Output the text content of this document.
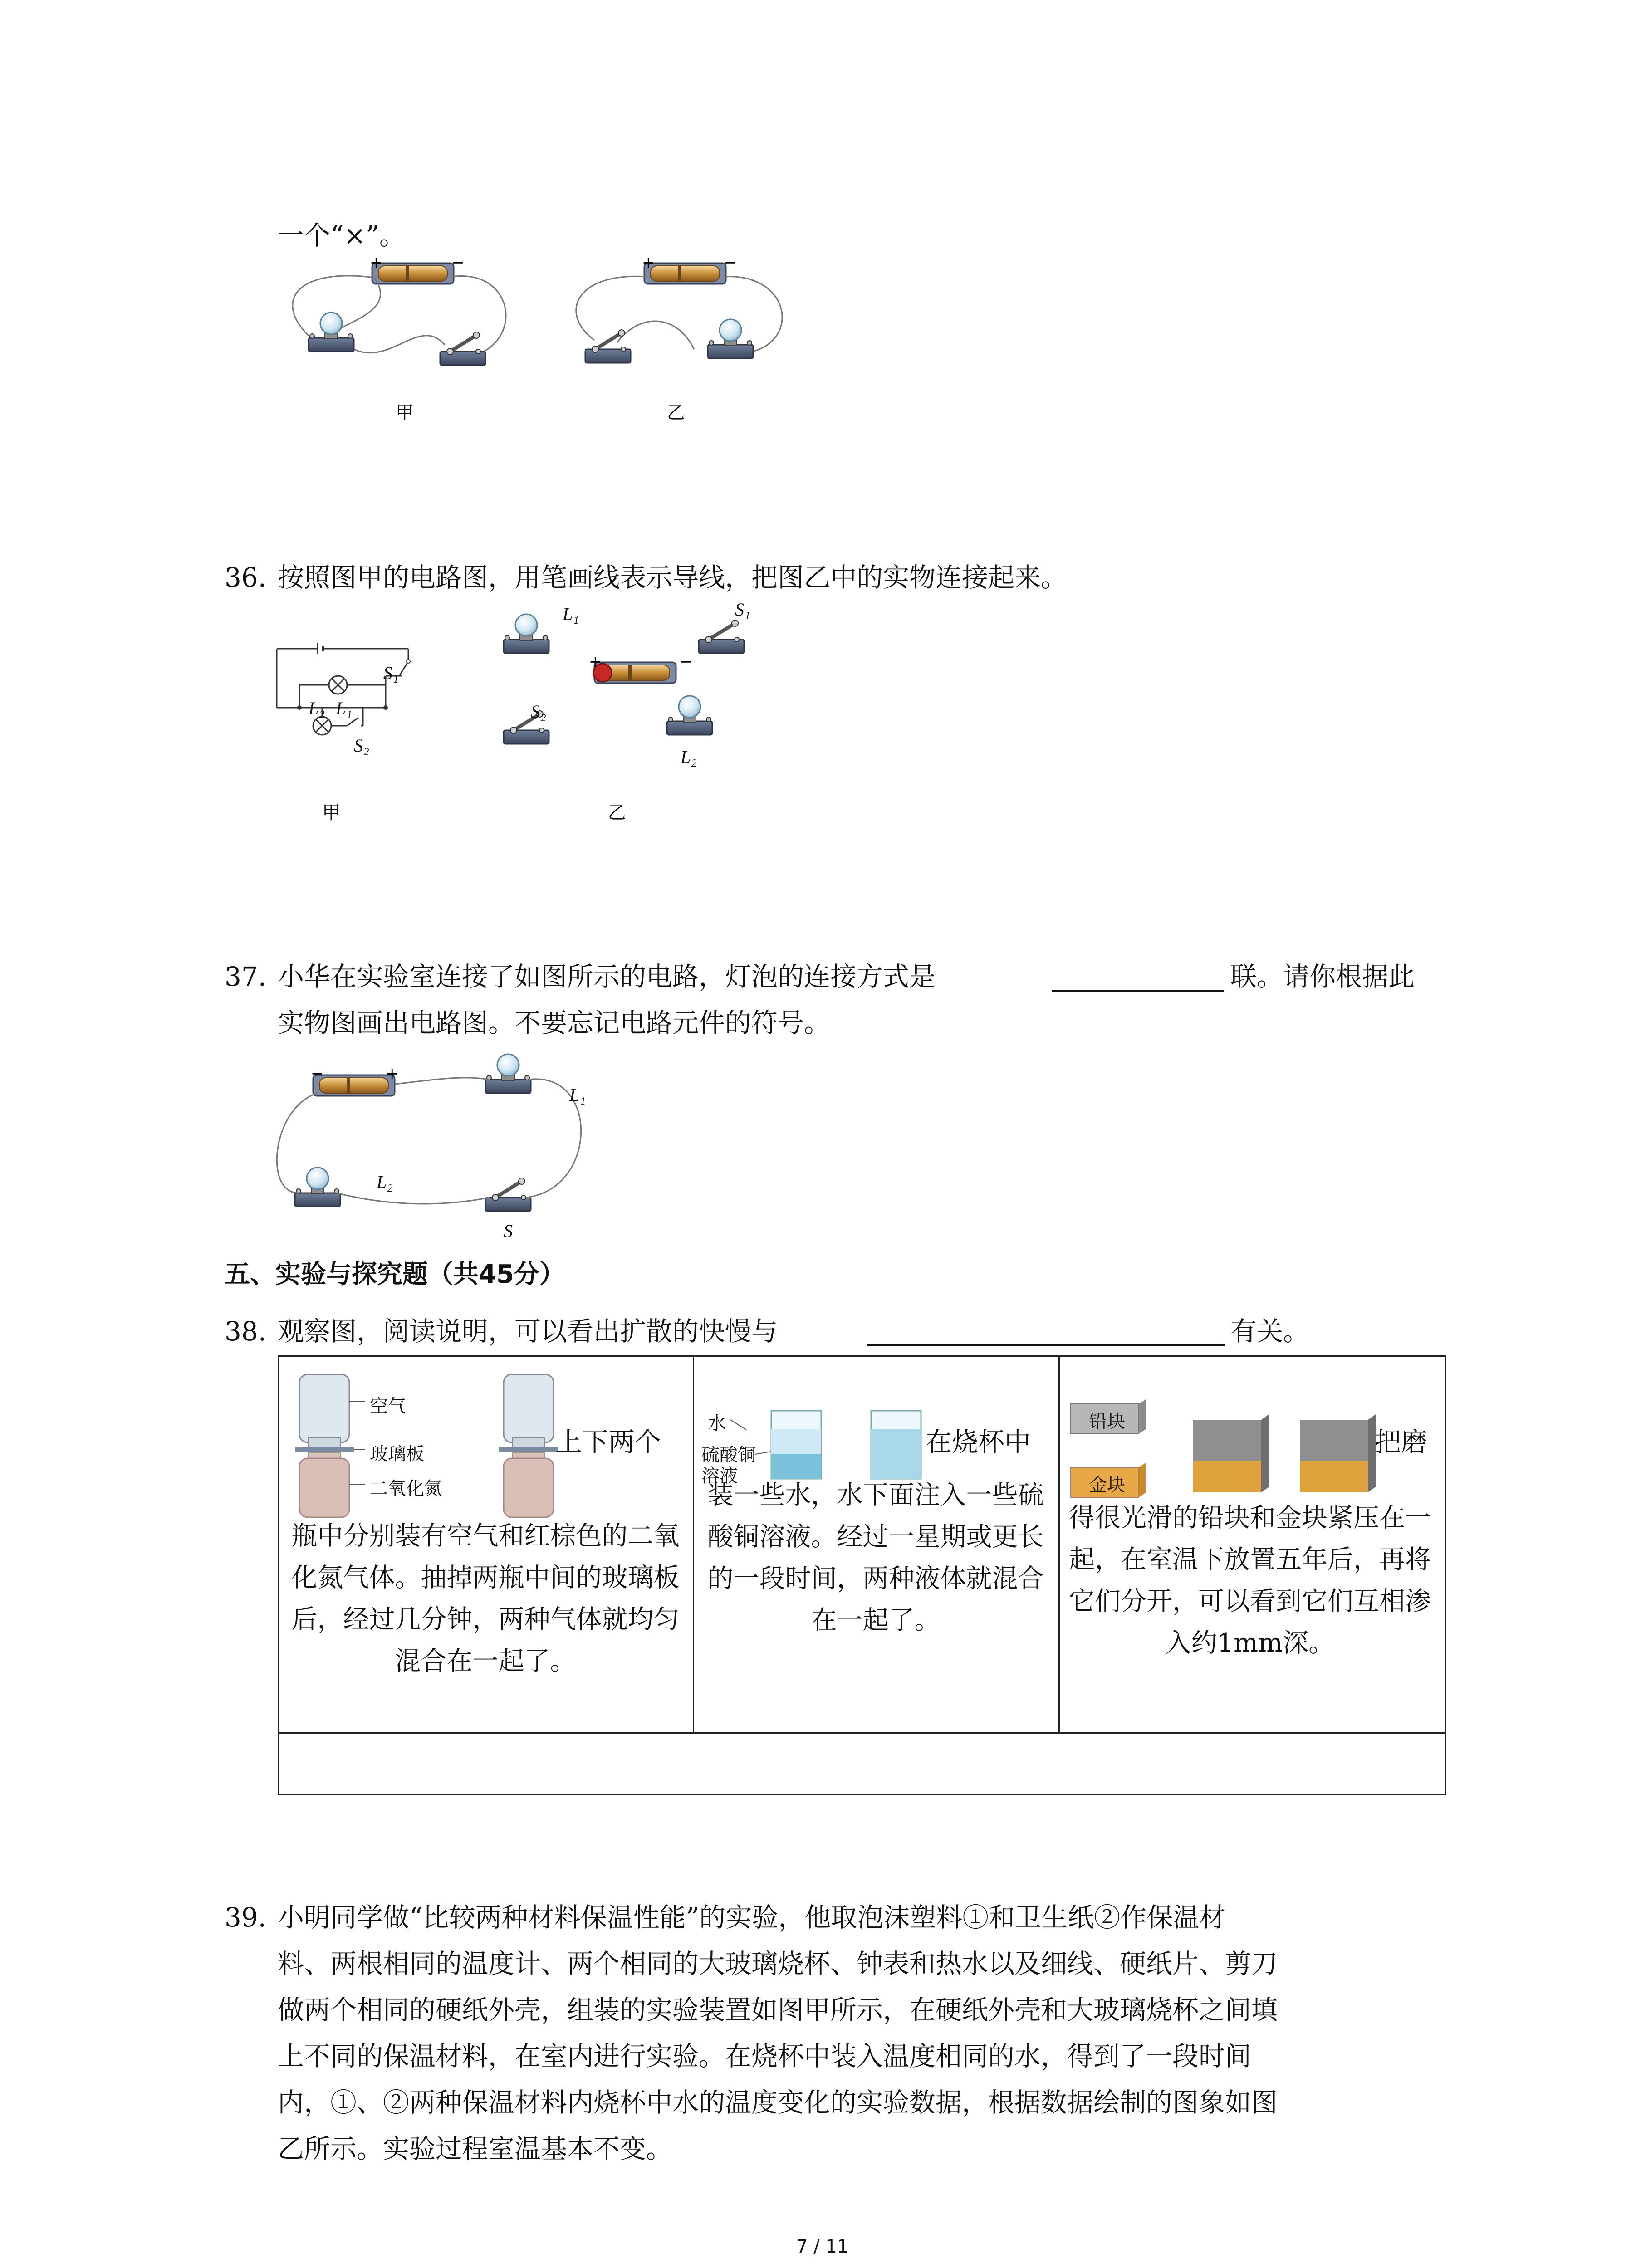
一个“×”。
+	−
甲
+	−
乙
36. 按照图甲的电路图，用笔画线表示导线，把图乙中的实物连接起来。
S₁
L₂ L₁
S₂
甲
+	−
L₁	S₁
S₂
L₂
乙
37. 小华在实验室连接了如图所示的电路，灯泡的连接方式是	联。请你根据此
实物图画出电路图。不要忘记电路元件的符号。
−	+
L₁
L₂
S
五、实验与探究题（共45分）
38. 观察图，阅读说明，可以看出扩散的快慢与	有关。
空气
玻璃板
二氧化氮
上下两个
瓶中分别装有空气和红棕色的二氧化氮气体。抽掉两瓶中间的玻璃板后，经过几分钟，两种气体就均匀混合在一起了。
水
硫酸铜
溶液
在烧杯中
装一些水，水下面注入一些硫酸铜溶液。经过一星期或更长的一段时间，两种液体就混合在一起了。
铅块
金块
把磨
得很光滑的铅块和金块紧压在一起，在室温下放置五年后，再将它们分开，可以看到它们互相渗入约1mm深。
39. 小明同学做“比较两种材料保温性能”的实验，他取泡沫塑料①和卫生纸②作保温材
料、两根相同的温度计、两个相同的大玻璃烧杯、钟表和热水以及细线、硬纸片、剪刀
做两个相同的硬纸外壳，组装的实验装置如图甲所示，在硬纸外壳和大玻璃烧杯之间填
上不同的保温材料，在室内进行实验。在烧杯中装入温度相同的水，得到了一段时间
内，①、②两种保温材料内烧杯中水的温度变化的实验数据，根据数据绘制的图象如图
乙所示。实验过程室温基本不变。
7 / 11
